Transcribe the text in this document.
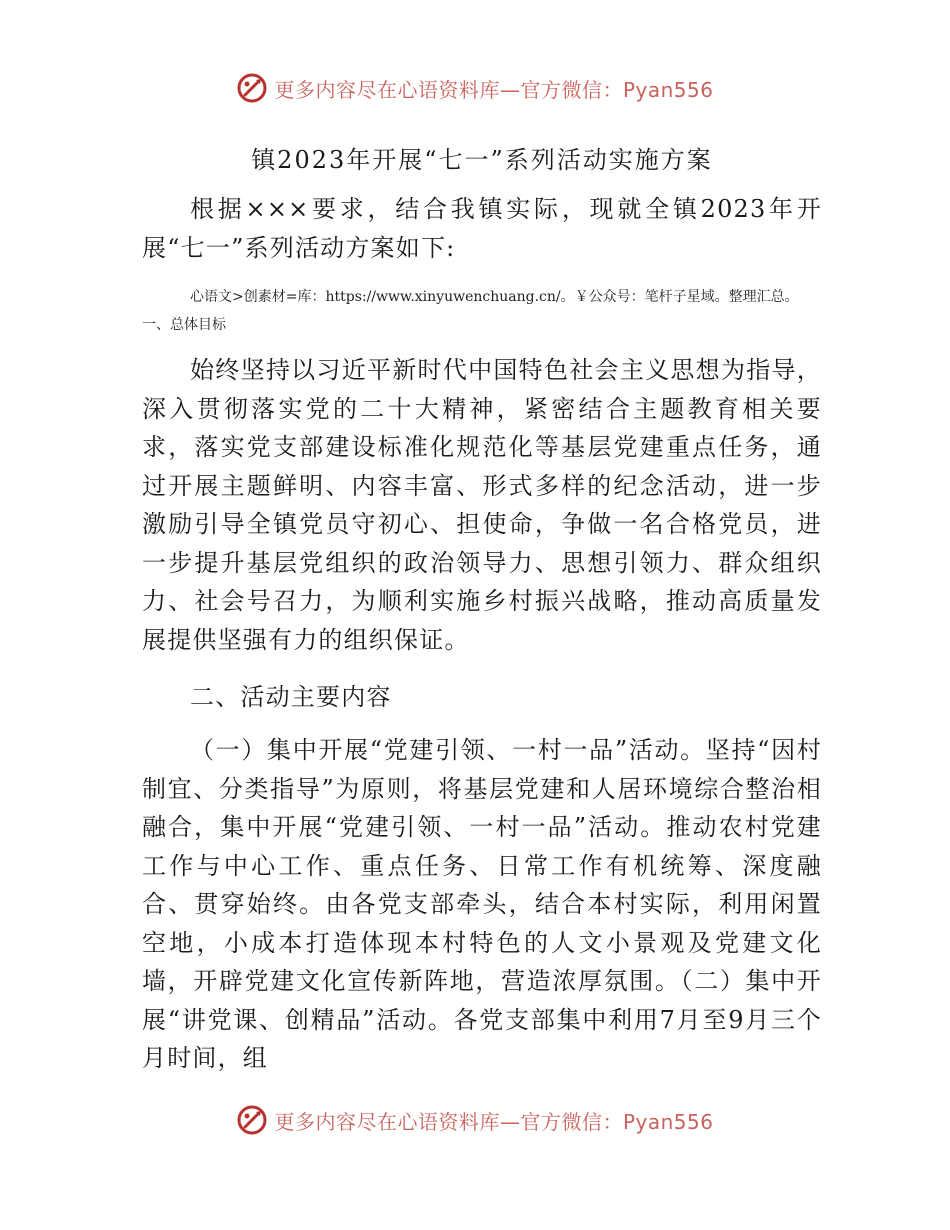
更多内容尽在心语资料库—官方微信：Pyan556

镇2023年开展“七一”系列活动实施方案

根据×××要求，结合我镇实际，现就全镇2023年开展“七一”系列活动方案如下:

心语文>创素材=库：https://www.xinyuwenchuang.cn/。￥公众号：笔杆子星域。整理汇总。一、总体目标

始终坚持以习近平新时代中国特色社会主义思想为指导，深入贯彻落实党的二十大精神，紧密结合主题教育相关要求，落实党支部建设标准化规范化等基层党建重点任务，通过开展主题鲜明、内容丰富、形式多样的纪念活动，进一步激励引导全镇党员守初心、担使命，争做一名合格党员，进一步提升基层党组织的政治领导力、思想引领力、群众组织力、社会号召力，为顺利实施乡村振兴战略，推动高质量发展提供坚强有力的组织保证。

二、活动主要内容

（一）集中开展“党建引领、一村一品”活动。坚持“因村制宜、分类指导”为原则，将基层党建和人居环境综合整治相融合，集中开展“党建引领、一村一品”活动。推动农村党建工作与中心工作、重点任务、日常工作有机统筹、深度融合、贯穿始终。由各党支部牵头，结合本村实际，利用闲置空地，小成本打造体现本村特色的人文小景观及党建文化墙，开辟党建文化宣传新阵地，营造浓厚氛围。（二）集中开展“讲党课、创精品”活动。各党支部集中利用7月至9月三个月时间，组

更多内容尽在心语资料库—官方微信：Pyan556
